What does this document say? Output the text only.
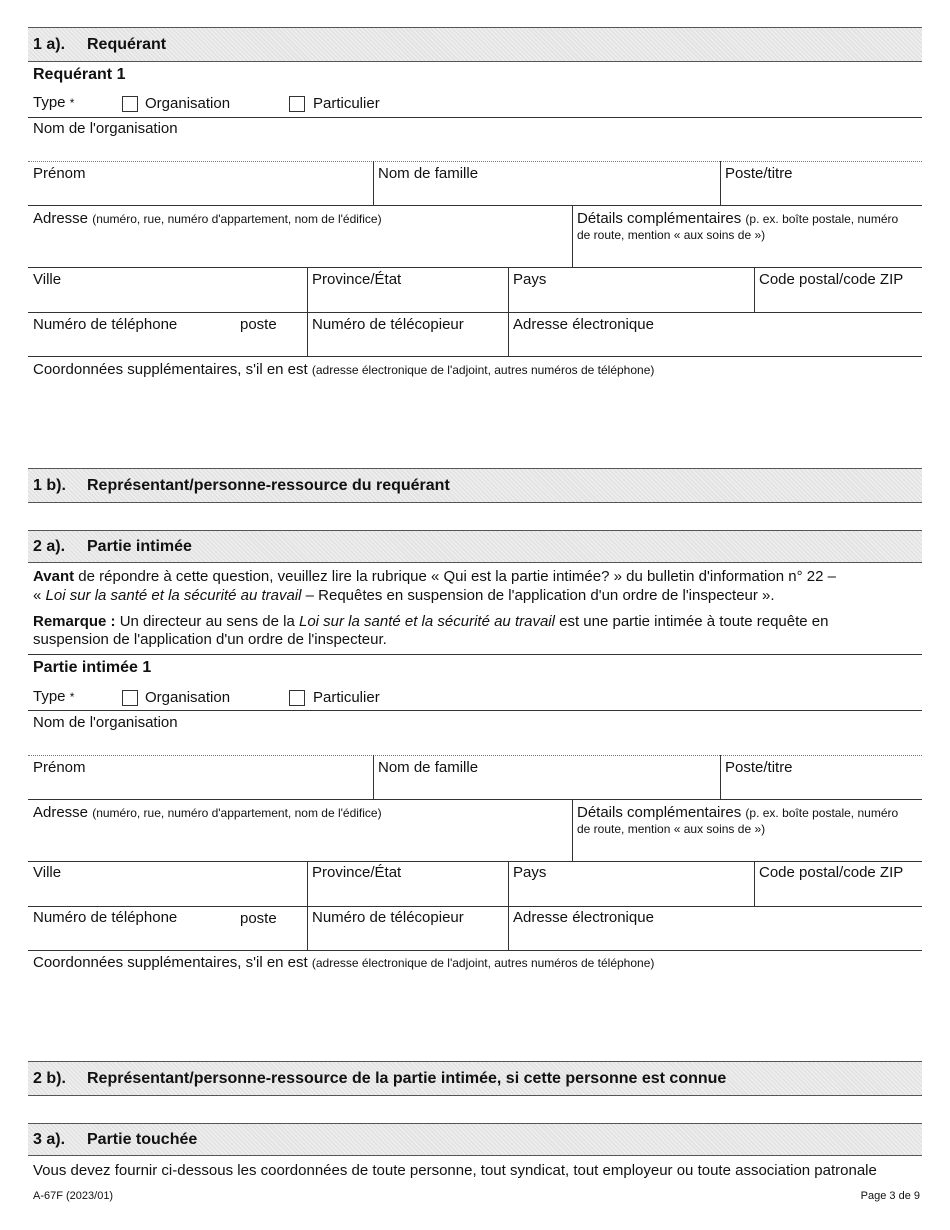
1 a).	Requérant
Requérant 1
Type *	Organisation	Particulier
Nom de l'organisation
Prénom	Nom de famille	Poste/titre
Adresse (numéro, rue, numéro d'appartement, nom de l'édifice)	Détails complémentaires (p. ex. boîte postale, numéro
de route, mention « aux soins de »)
Ville	Province/État	Pays	Code postal/code ZIP
Numéro de téléphone	poste Numéro de télécopieur	Adresse électronique
Coordonnées supplémentaires, s'il en est (adresse électronique de l'adjoint, autres numéros de téléphone)
1 b).	Représentant/personne-ressource du requérant
2 a).	Partie intimée
Avant de répondre à cette question, veuillez lire la rubrique « Qui est la partie intimée? » du bulletin d'information n° 22 –
« Loi sur la santé et la sécurité au travail – Requêtes en suspension de l'application d'un ordre de l'inspecteur ».
Remarque : Un directeur au sens de la Loi sur la santé et la sécurité au travail est une partie intimée à toute requête en
suspension de l'application d'un ordre de l'inspecteur.
Partie intimée 1
Type *	Organisation	Particulier
Nom de l'organisation
Prénom	Nom de famille	Poste/titre
Adresse (numéro, rue, numéro d'appartement, nom de l'édifice)	Détails complémentaires (p. ex. boîte postale, numéro
de route, mention « aux soins de »)
Ville	Province/État	Pays	Code postal/code ZIP
Numéro de téléphone	poste Numéro de télécopieur	Adresse électronique
Coordonnées supplémentaires, s'il en est (adresse électronique de l'adjoint, autres numéros de téléphone)
2 b).	Représentant/personne-ressource de la partie intimée, si cette personne est connue
3 a).	Partie touchée
Vous devez fournir ci-dessous les coordonnées de toute personne, tout syndicat, tout employeur ou toute association patronale
A-67F (2023/01)	Page 3 de 9
